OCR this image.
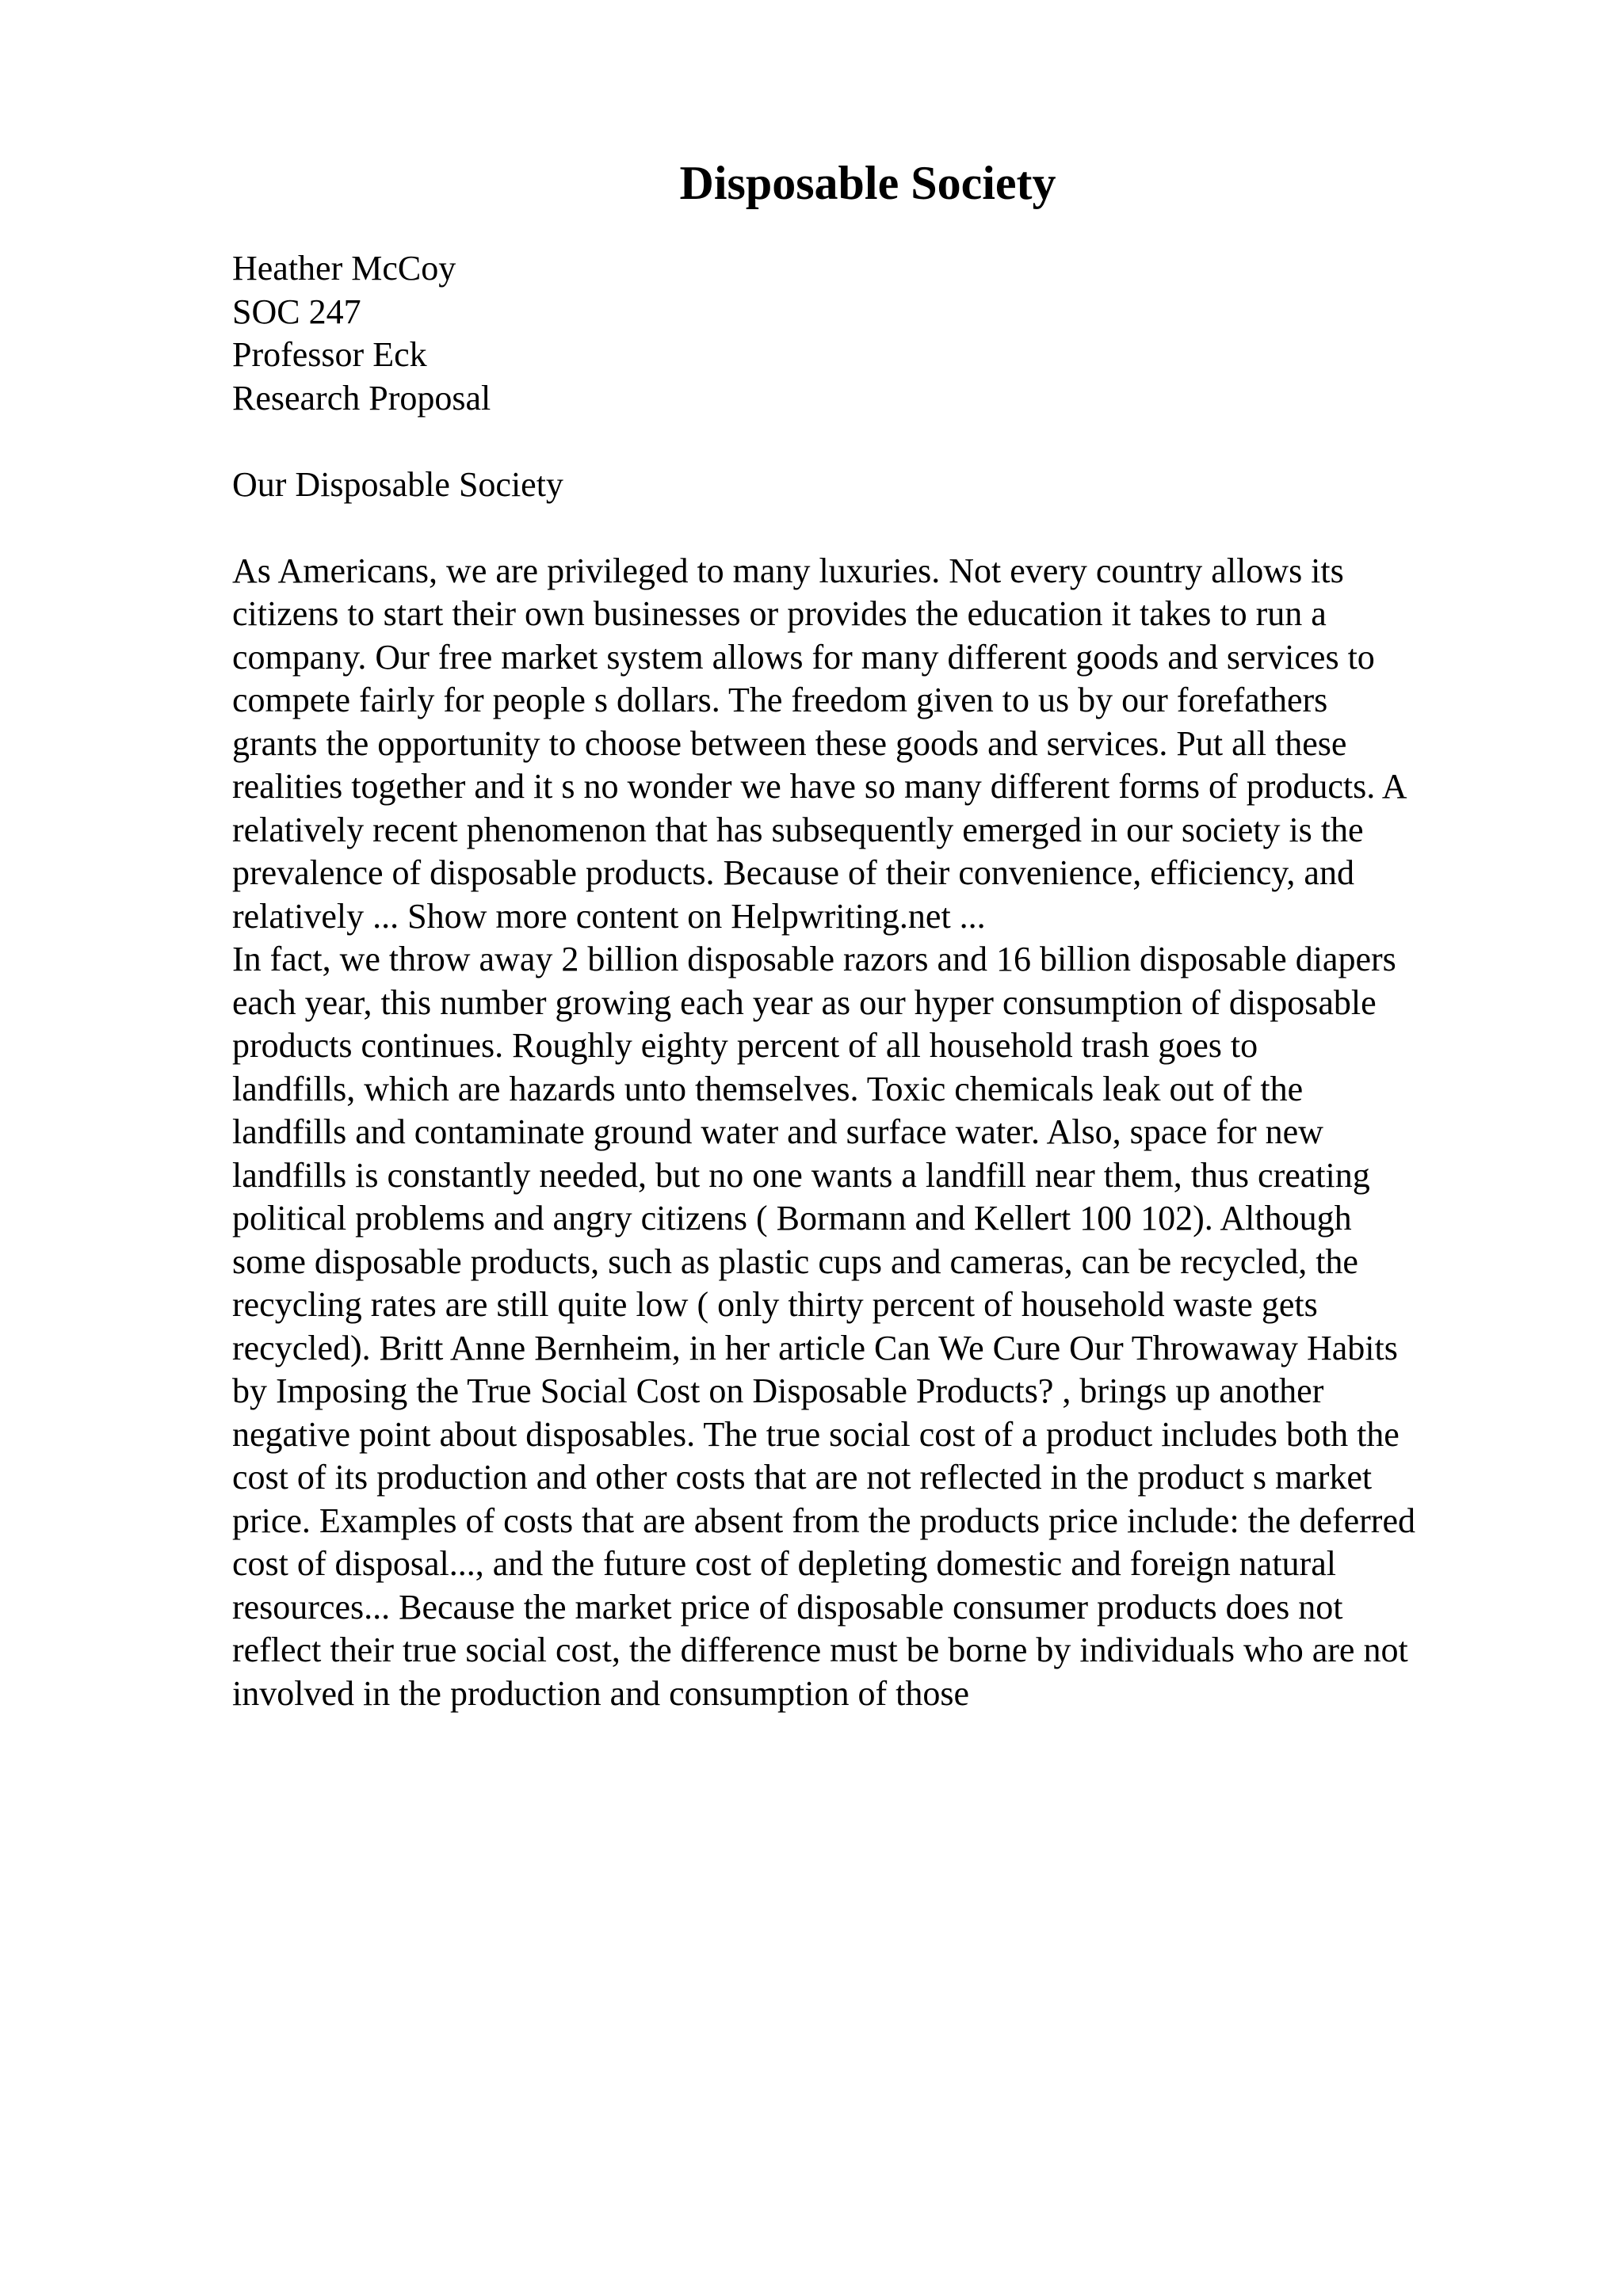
Disposable Society
Heather McCoy
SOC 247
Professor Eck
Research Proposal
Our Disposable Society
As Americans, we are privileged to many luxuries. Not every country allows its
citizens to start their own businesses or provides the education it takes to run a
company. Our free market system allows for many different goods and services to
compete fairly for people s dollars. The freedom given to us by our forefathers
grants the opportunity to choose between these goods and services. Put all these
realities together and it s no wonder we have so many different forms of products. A
relatively recent phenomenon that has subsequently emerged in our society is the
prevalence of disposable products. Because of their convenience, efficiency, and
relatively ... Show more content on Helpwriting.net ...
In fact, we throw away 2 billion disposable razors and 16 billion disposable diapers
each year, this number growing each year as our hyper consumption of disposable
products continues. Roughly eighty percent of all household trash goes to
landfills, which are hazards unto themselves. Toxic chemicals leak out of the
landfills and contaminate ground water and surface water. Also, space for new
landfills is constantly needed, but no one wants a landfill near them, thus creating
political problems and angry citizens ( Bormann and Kellert 100 102). Although
some disposable products, such as plastic cups and cameras, can be recycled, the
recycling rates are still quite low ( only thirty percent of household waste gets
recycled). Britt Anne Bernheim, in her article Can We Cure Our Throwaway Habits
by Imposing the True Social Cost on Disposable Products? , brings up another
negative point about disposables. The true social cost of a product includes both the
cost of its production and other costs that are not reflected in the product s market
price. Examples of costs that are absent from the products price include: the deferred
cost of disposal..., and the future cost of depleting domestic and foreign natural
resources... Because the market price of disposable consumer products does not
reflect their true social cost, the difference must be borne by individuals who are not
involved in the production and consumption of those
